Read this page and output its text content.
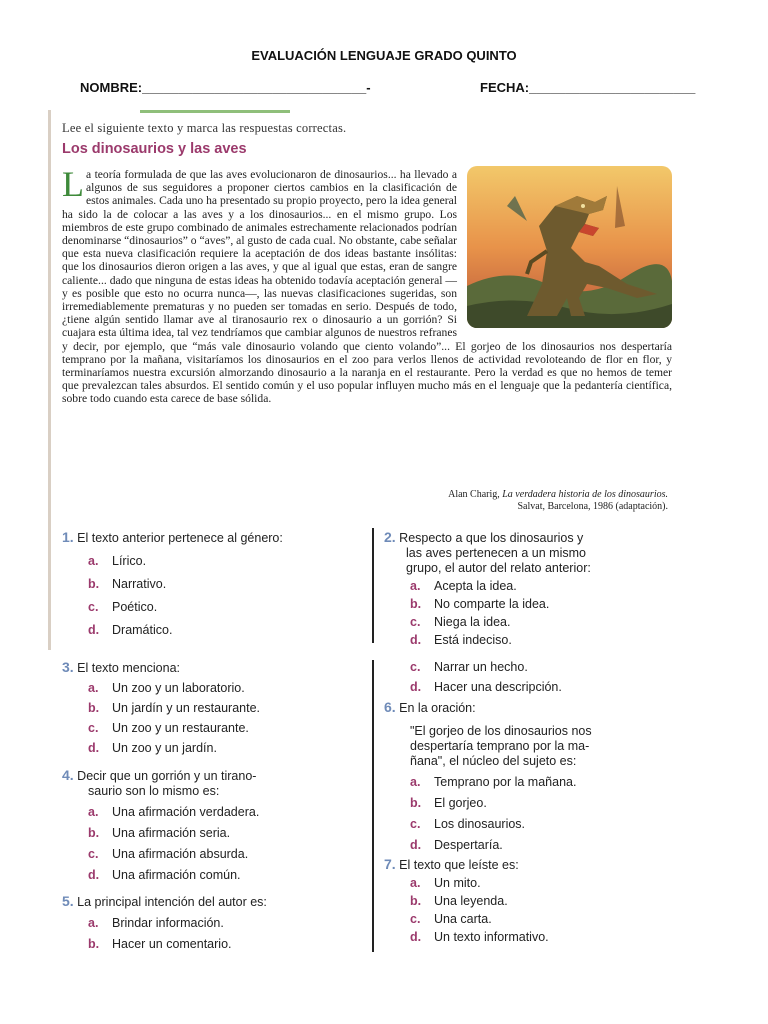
EVALUACIÓN LENGUAJE GRADO QUINTO
NOMBRE:_______________________________-	FECHA:_______________________
Lee el siguiente texto y marca las respuestas correctas.
Los dinosaurios y las aves

La teoría formulada de que las aves evolucionaron de dinosaurios... ha llevado a algunos de sus seguidores a proponer ciertos cambios en la clasificación de estos animales. Cada uno ha presentado su propio proyecto, pero la idea general ha sido la de colocar a las aves y a los dinosaurios... en el mismo grupo. Los miembros de este grupo combinado de animales estrechamente relacionados podrían denominarse “dinosaurios” o “aves”, al gusto de cada cual. No obstante, cabe señalar que esta nueva clasificación requiere la aceptación de dos ideas bastante insólitas: que los dinosaurios dieron origen a las aves, y que al igual que estas, eran de sangre caliente... dado que ninguna de estas ideas ha obtenido todavía aceptación general —y es posible que esto no ocurra nunca—, las nuevas clasificaciones sugeridas, son irremediablemente prematuras y no pueden ser tomadas en serio. Después de todo, ¿tiene algún sentido llamar ave al tiranosaurio rex o dinosaurio a un gorrión? Si cuajara esta última idea, tal vez tendríamos que cambiar algunos de nuestros refranes y decir, por ejemplo, que “más vale dinosaurio volando que ciento volando”... El gorjeo de los dinosaurios nos despertaría temprano por la mañana, visitaríamos los dinosaurios en el zoo para verlos llenos de actividad revoloteando de flor en flor, y terminaríamos nuestra excursión almorzando dinosaurio a la naranja en el restaurante. Pero la verdad es que no hemos de temer que prevalezcan tales absurdos. El sentido común y el uso popular influyen mucho más en el lenguaje que la pedantería científica, sobre todo cuando esta carece de base sólida.

Alan Charig, La verdadera historia de los dinosaurios.
Salvat, Barcelona, 1986 (adaptación).
1. El texto anterior pertenece al género:
a. Lírico.
b. Narrativo.
c. Poético.
d. Dramático.
2. Respecto a que los dinosaurios y
las aves pertenecen a un mismo
grupo, el autor del relato anterior:
a. Acepta la idea.
b. No comparte la idea.
c. Niega la idea.
d. Está indeciso.
3. El texto menciona:
a. Un zoo y un laboratorio.
b. Un jardín y un restaurante.
c. Un zoo y un restaurante.
d. Un zoo y un jardín.
4. Decir que un gorrión y un tirano-
saurio son lo mismo es:
a. Una afirmación verdadera.
b. Una afirmación seria.
c. Una afirmación absurda.
d. Una afirmación común.
5. La principal intención del autor es:
a. Brindar información.
b. Hacer un comentario.
c. Narrar un hecho.
d. Hacer una descripción.
6. En la oración:
"El gorjeo de los dinosaurios nos
despertaría temprano por la ma-
ñana", el núcleo del sujeto es:
a. Temprano por la mañana.
b. El gorjeo.
c. Los dinosaurios.
d. Despertaría.
7. El texto que leíste es:
a. Un mito.
b. Una leyenda.
c. Una carta.
d. Un texto informativo.
